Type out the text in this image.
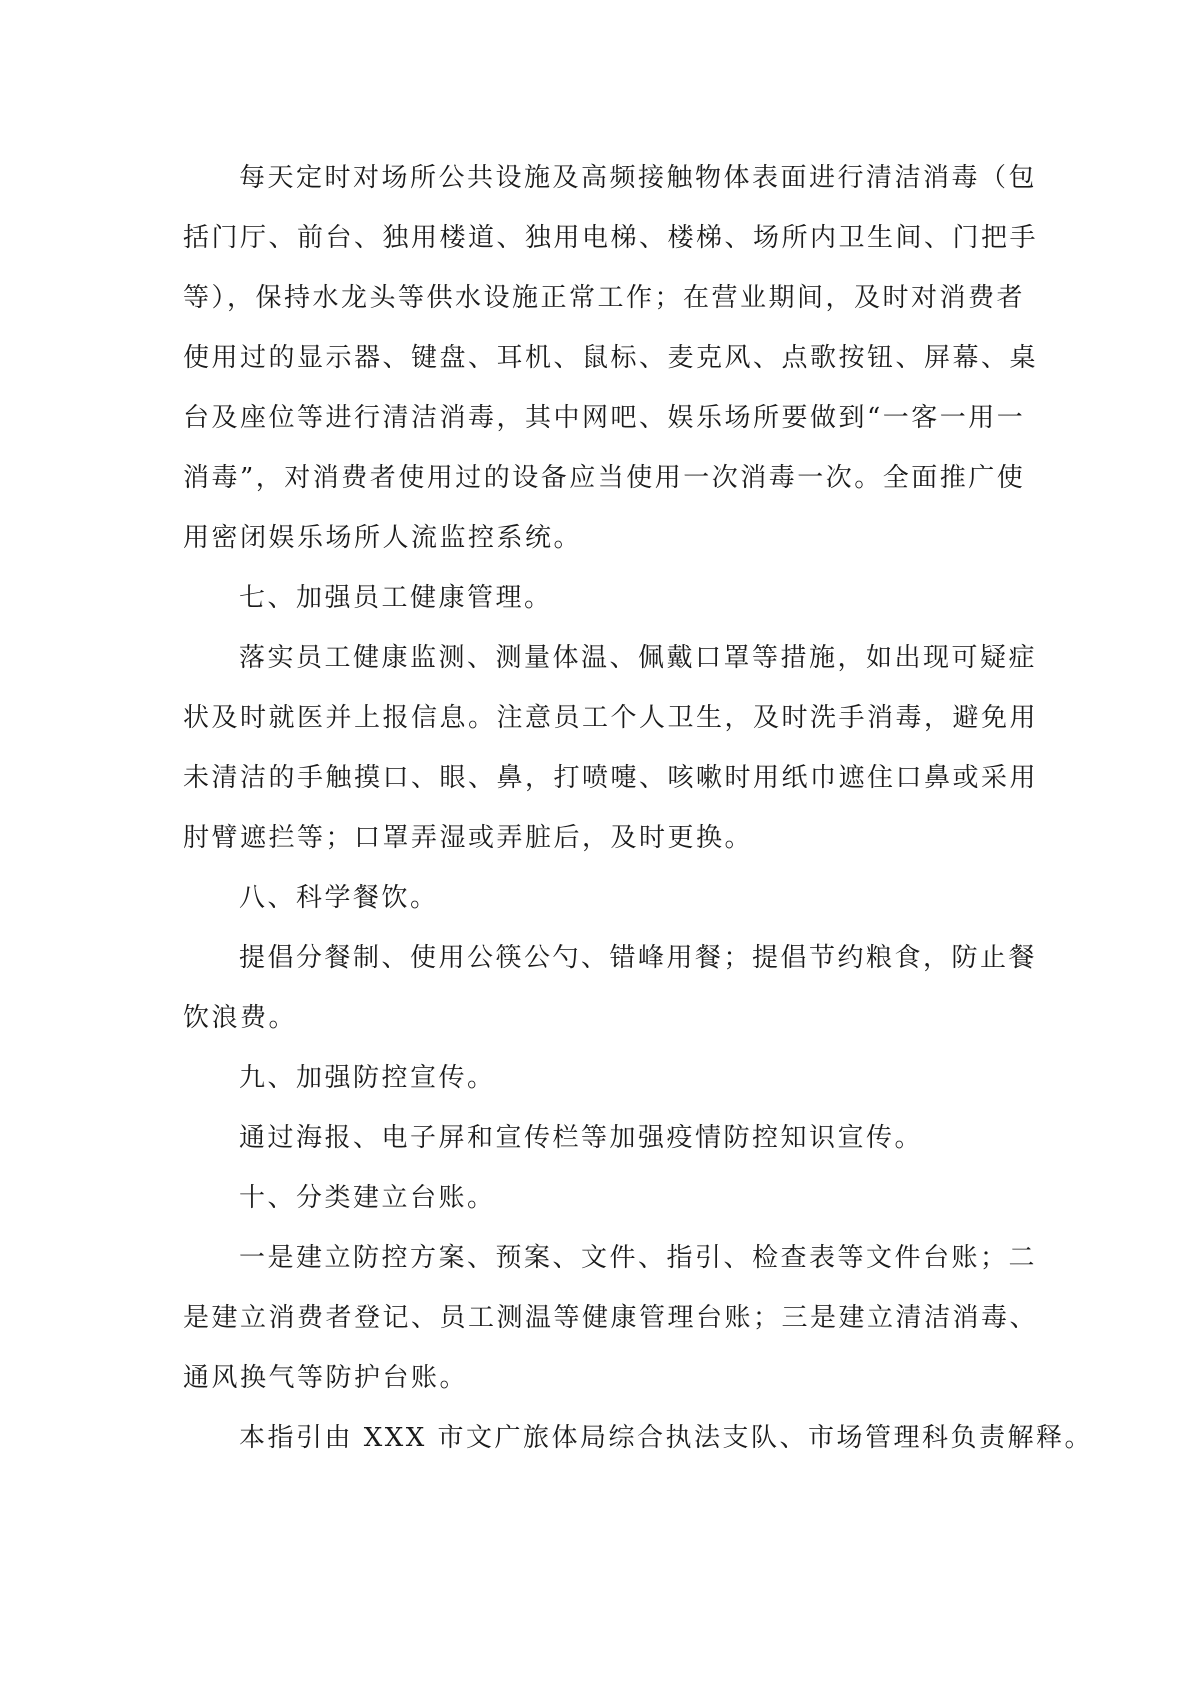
每天定时对场所公共设施及高频接触物体表面进行清洁消毒（包
括门厅、前台、独用楼道、独用电梯、楼梯、场所内卫生间、门把手
等），保持水龙头等供水设施正常工作；在营业期间，及时对消费者
使用过的显示器、键盘、耳机、鼠标、麦克风、点歌按钮、屏幕、桌
台及座位等进行清洁消毒，其中网吧、娱乐场所要做到“一客一用一
消毒”，对消费者使用过的设备应当使用一次消毒一次。全面推广使
用密闭娱乐场所人流监控系统。
七、加强员工健康管理。
落实员工健康监测、测量体温、佩戴口罩等措施，如出现可疑症
状及时就医并上报信息。注意员工个人卫生，及时洗手消毒，避免用
未清洁的手触摸口、眼、鼻，打喷嚏、咳嗽时用纸巾遮住口鼻或采用
肘臂遮拦等；口罩弄湿或弄脏后，及时更换。
八、科学餐饮。
提倡分餐制、使用公筷公勺、错峰用餐；提倡节约粮食，防止餐
饮浪费。
九、加强防控宣传。
通过海报、电子屏和宣传栏等加强疫情防控知识宣传。
十、分类建立台账。
一是建立防控方案、预案、文件、指引、检查表等文件台账；二
是建立消费者登记、员工测温等健康管理台账；三是建立清洁消毒、
通风换气等防护台账。
本指引由 XXX 市文广旅体局综合执法支队、市场管理科负责解释。
